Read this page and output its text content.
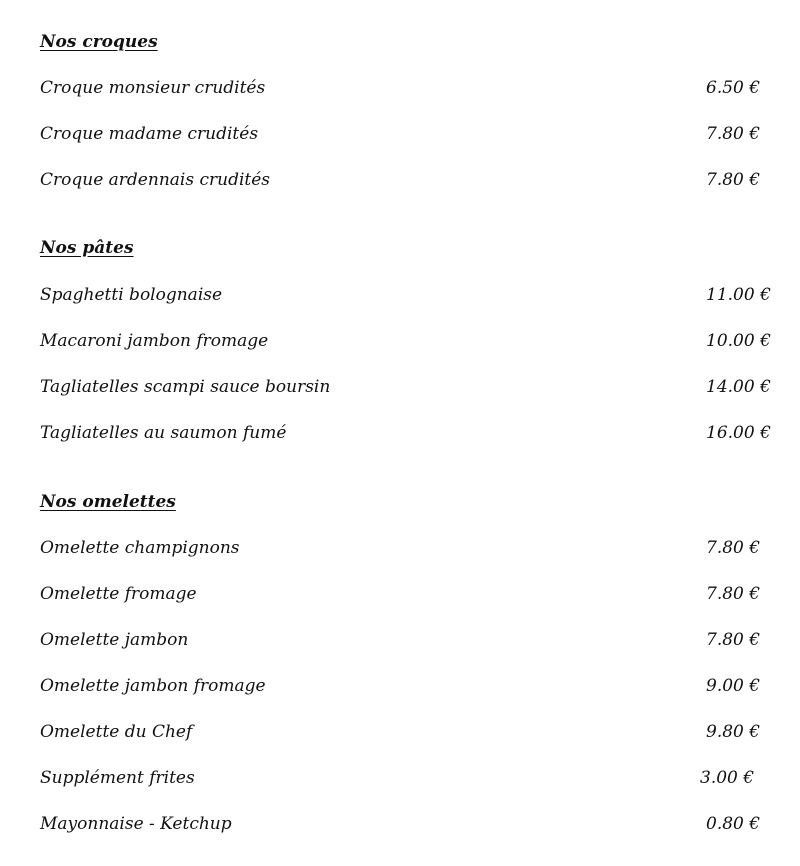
Nos croques
Croque monsieur crudités	6.50 €
Croque madame crudités	7.80 €
Croque ardennais crudités	7.80 €
Nos pâtes
Spaghetti bolognaise	11.00 €
Macaroni jambon fromage	10.00 €
Tagliatelles scampi sauce boursin	14.00 €
Tagliatelles au saumon fumé	16.00 €
Nos omelettes
Omelette champignons	7.80 €
Omelette fromage	7.80 €
Omelette jambon	7.80 €
Omelette jambon fromage	9.00 €
Omelette du Chef	9.80 €
Supplément frites	3.00 €
Mayonnaise - Ketchup	0.80 €
